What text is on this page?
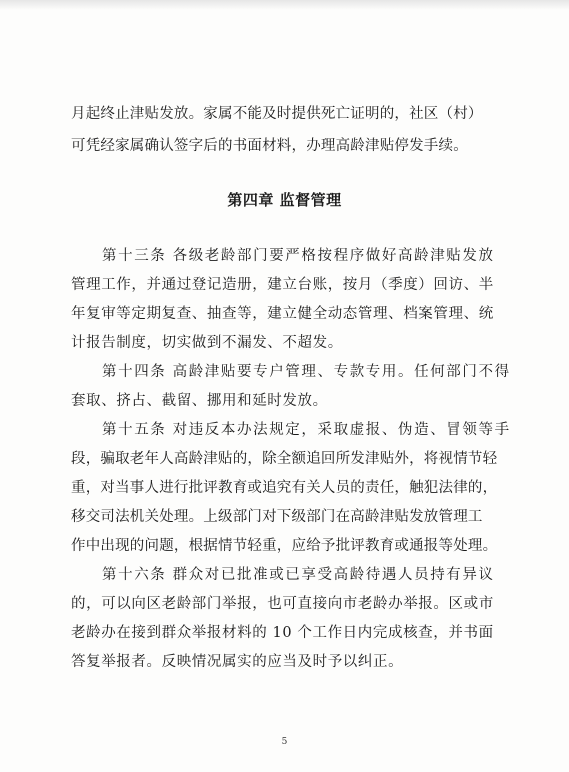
月起终止津贴发放。家属不能及时提供死亡证明的，社区（村）
可凭经家属确认签字后的书面材料，办理高龄津贴停发手续。
第四章 监督管理
第十三条 各级老龄部门要严格按程序做好高龄津贴发放
管理工作，并通过登记造册，建立台账，按月（季度）回访、半
年复审等定期复查、抽查等，建立健全动态管理、档案管理、统
计报告制度，切实做到不漏发、不超发。
第十四条 高龄津贴要专户管理、专款专用。任何部门不得
套取、挤占、截留、挪用和延时发放。
第十五条 对违反本办法规定，采取虚报、伪造、冒领等手
段，骗取老年人高龄津贴的，除全额追回所发津贴外，将视情节轻
重，对当事人进行批评教育或追究有关人员的责任，触犯法律的，
移交司法机关处理。上级部门对下级部门在高龄津贴发放管理工
作中出现的问题，根据情节轻重，应给予批评教育或通报等处理。
第十六条 群众对已批准或已享受高龄待遇人员持有异议
的，可以向区老龄部门举报，也可直接向市老龄办举报。区或市
老龄办在接到群众举报材料的 10 个工作日内完成核查，并书面
答复举报者。反映情况属实的应当及时予以纠正。
5
